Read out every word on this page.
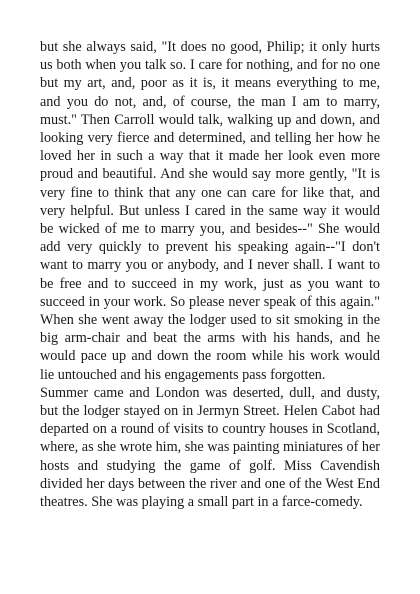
but she always said, "It does no good, Philip; it only hurts us both when you talk so. I care for nothing, and for no one but my art, and, poor as it is, it means everything to me, and you do not, and, of course, the man I am to marry, must." Then Carroll would talk, walking up and down, and looking very fierce and determined, and telling her how he loved her in such a way that it made her look even more proud and beautiful. And she would say more gently, "It is very fine to think that any one can care for like that, and very helpful. But unless I cared in the same way it would be wicked of me to marry you, and besides--" She would add very quickly to prevent his speaking again--"I don't want to marry you or anybody, and I never shall. I want to be free and to succeed in my work, just as you want to succeed in your work. So please never speak of this again." When she went away the lodger used to sit smoking in the big arm-chair and beat the arms with his hands, and he would pace up and down the room while his work would lie untouched and his engagements pass forgotten.

Summer came and London was deserted, dull, and dusty, but the lodger stayed on in Jermyn Street. Helen Cabot had departed on a round of visits to country houses in Scotland, where, as she wrote him, she was painting miniatures of her hosts and studying the game of golf. Miss Cavendish divided her days between the river and one of the West End theatres. She was playing a small part in a farce-comedy.
